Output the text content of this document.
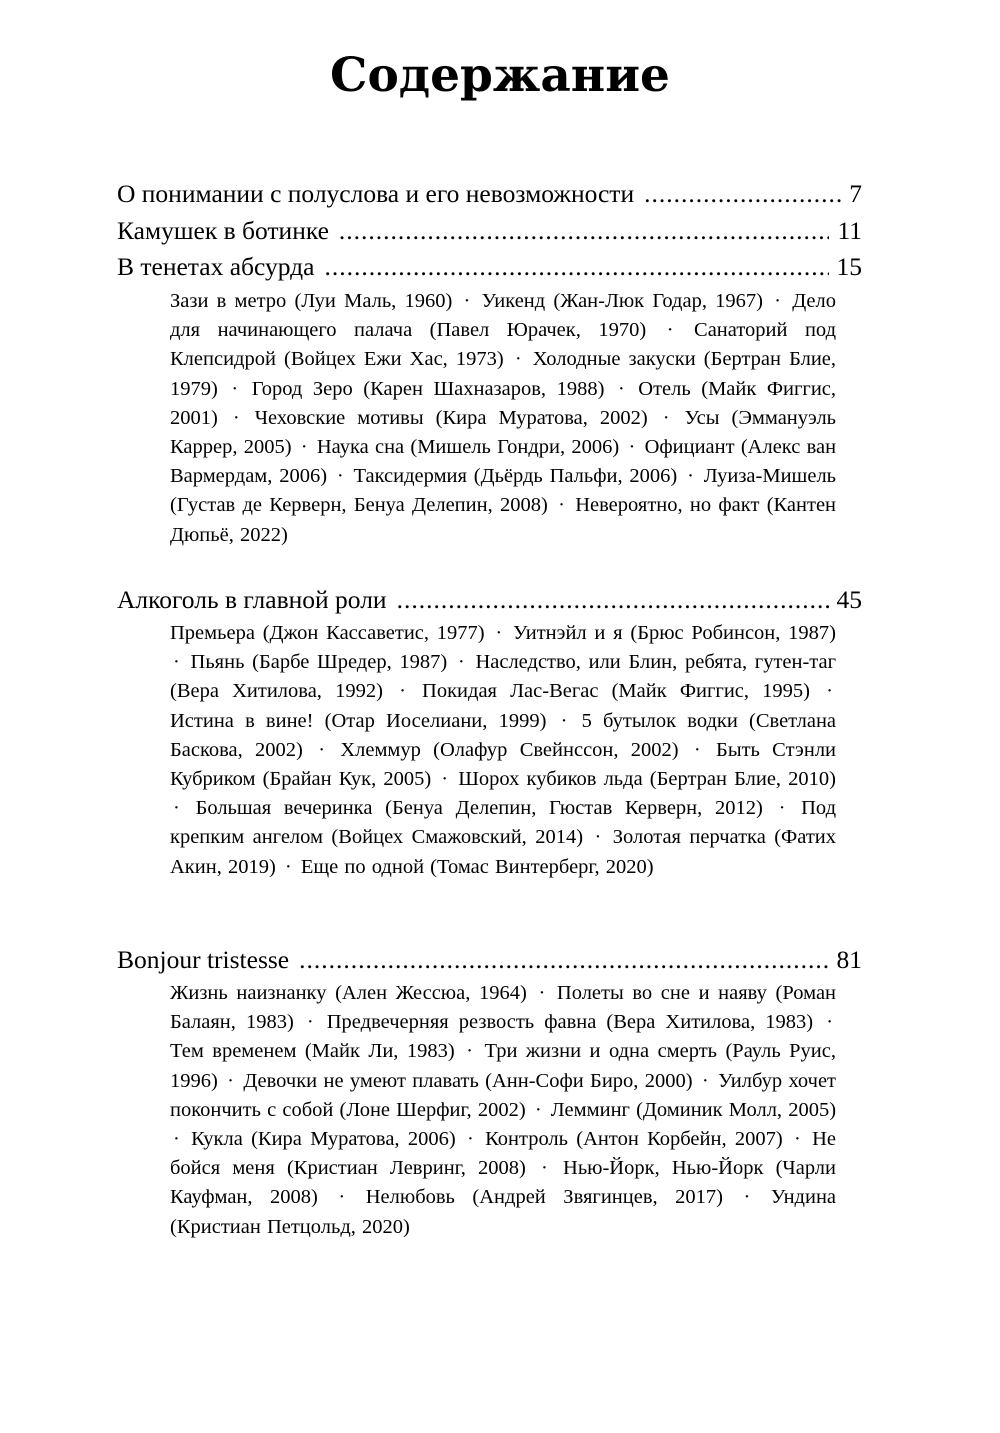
Содержание
О понимании с полуслова и его невозможности .....	7
Камушек в ботинке .....	11
В тенетах абсурда .....	15
Зази в метро (Луи Маль, 1960) · Уикенд (Жан-Люк Годар, 1967) · Дело для начинающего палача (Павел Юрачек, 1970) · Санаторий под Клепсидрой (Войцех Ежи Хас, 1973) · Холодные закуски (Бертран Блие, 1979) · Город Зеро (Карен Шахназаров, 1988) · Отель (Майк Фиггис, 2001) · Чеховские мотивы (Кира Муратова, 2002) · Усы (Эммануэль Каррер, 2005) · Наука сна (Мишель Гондри, 2006) · Официант (Алекс ван Вармердам, 2006) · Таксидермия (Дьёрдь Пальфи, 2006) · Луиза-Мишель (Густав де Керверн, Бенуа Делепин, 2008) · Невероятно, но факт (Кантен Дюпьё, 2022)
Алкоголь в главной роли .....	45
Премьера (Джон Кассаветис, 1977) · Уитнэйл и я (Брюс Робинсон, 1987) · Пьянь (Барбе Шредер, 1987) · Наследство, или Блин, ребята, гутен-таг (Вера Хитилова, 1992) · Покидая Лас-Вегас (Майк Фиггис, 1995) · Истина в вине! (Отар Иоселиани, 1999) · 5 бутылок водки (Светлана Баскова, 2002) · Хлеммур (Олафур Свейнссон, 2002) · Быть Стэнли Кубриком (Брайан Кук, 2005) · Шорох кубиков льда (Бертран Блие, 2010) · Большая вечеринка (Бенуа Делепин, Гюстав Керверн, 2012) · Под крепким ангелом (Войцех Смажовский, 2014) · Золотая перчатка (Фатих Акин, 2019) · Еще по одной (Томас Винтерберг, 2020)
Bonjour tristesse .....	81
Жизнь наизнанку (Ален Жессюа, 1964) · Полеты во сне и наяву (Роман Балаян, 1983) · Предвечерняя резвость фавна (Вера Хитилова, 1983) · Тем временем (Майк Ли, 1983) · Три жизни и одна смерть (Рауль Руис, 1996) · Девочки не умеют плавать (Анн-Софи Биро, 2000) · Уилбур хочет покончить с собой (Лоне Шерфиг, 2002) · Лемминг (Доминик Молл, 2005) · Кукла (Кира Муратова, 2006) · Контроль (Антон Корбейн, 2007) · Не бойся меня (Кристиан Левринг, 2008) · Нью-Йорк, Нью-Йорк (Чарли Кауфман, 2008) · Нелюбовь (Андрей Звягинцев, 2017) · Ундина (Кристиан Петцольд, 2020)
